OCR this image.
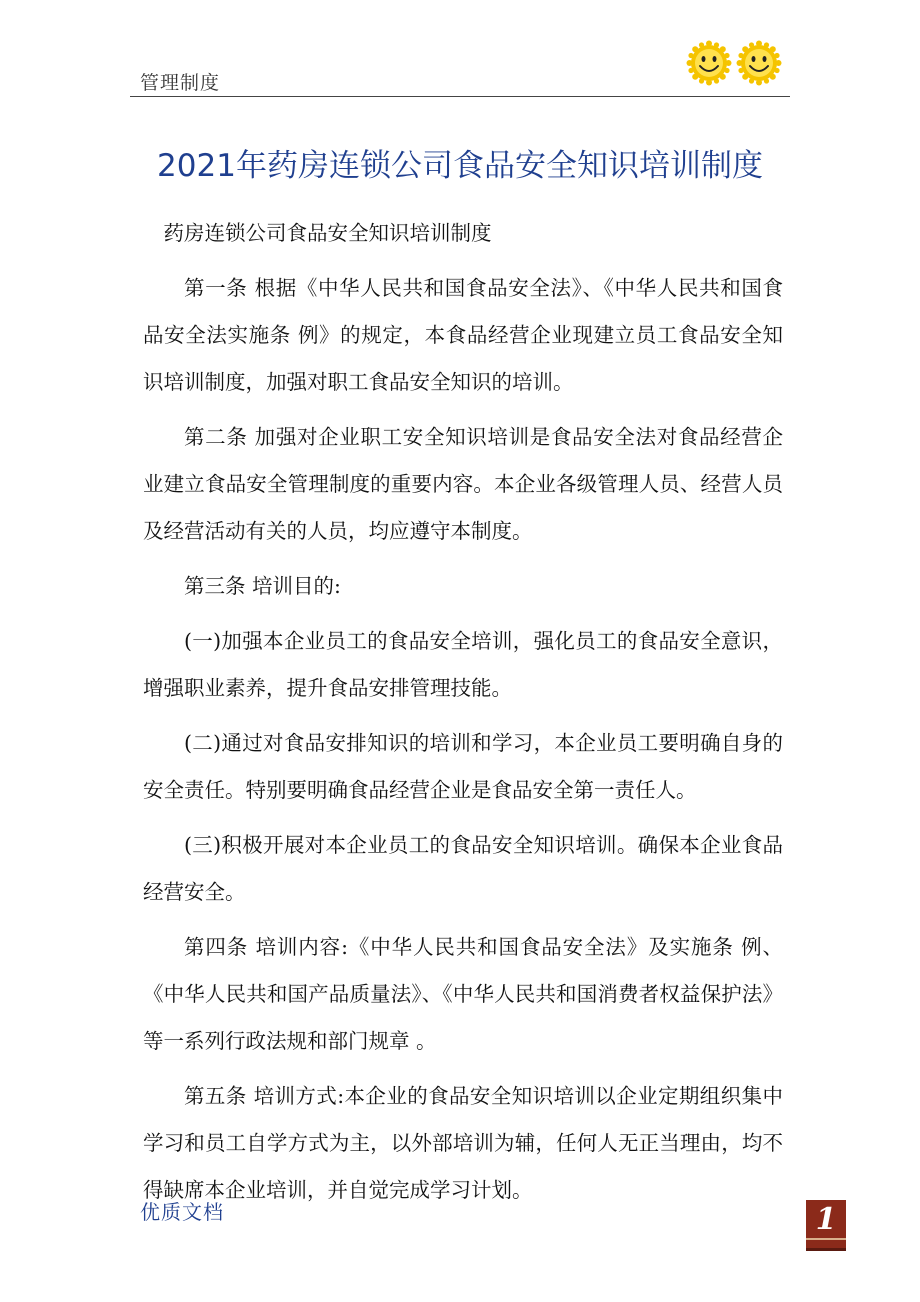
管理制度
2021年药房连锁公司食品安全知识培训制度

药房连锁公司食品安全知识培训制度

第一条 根据《中华人民共和国食品安全法》、《中华人民共和国食品安全法实施条 例》的规定，本食品经营企业现建立员工食品安全知识培训制度，加强对职工食品安全知识的培训。

第二条 加强对企业职工安全知识培训是食品安全法对食品经营企业建立食品安全管理制度的重要内容。本企业各级管理人员、经营人员及经营活动有关的人员，均应遵守本制度。

第三条 培训目的:

(一)加强本企业员工的食品安全培训，强化员工的食品安全意识，增强职业素养，提升食品安排管理技能。

(二)通过对食品安排知识的培训和学习，本企业员工要明确自身的安全责任。特别要明确食品经营企业是食品安全第一责任人。

(三)积极开展对本企业员工的食品安全知识培训。确保本企业食品经营安全。

第四条 培训内容:《中华人民共和国食品安全法》及实施条 例、《中华人民共和国产品质量法》、《中华人民共和国消费者权益保护法》等一系列行政法规和部门规章 。

第五条 培训方式:本企业的食品安全知识培训以企业定期组织集中学习和员工自学方式为主，以外部培训为辅，任何人无正当理由，均不得缺席本企业培训，并自觉完成学习计划。

优质文档	1
